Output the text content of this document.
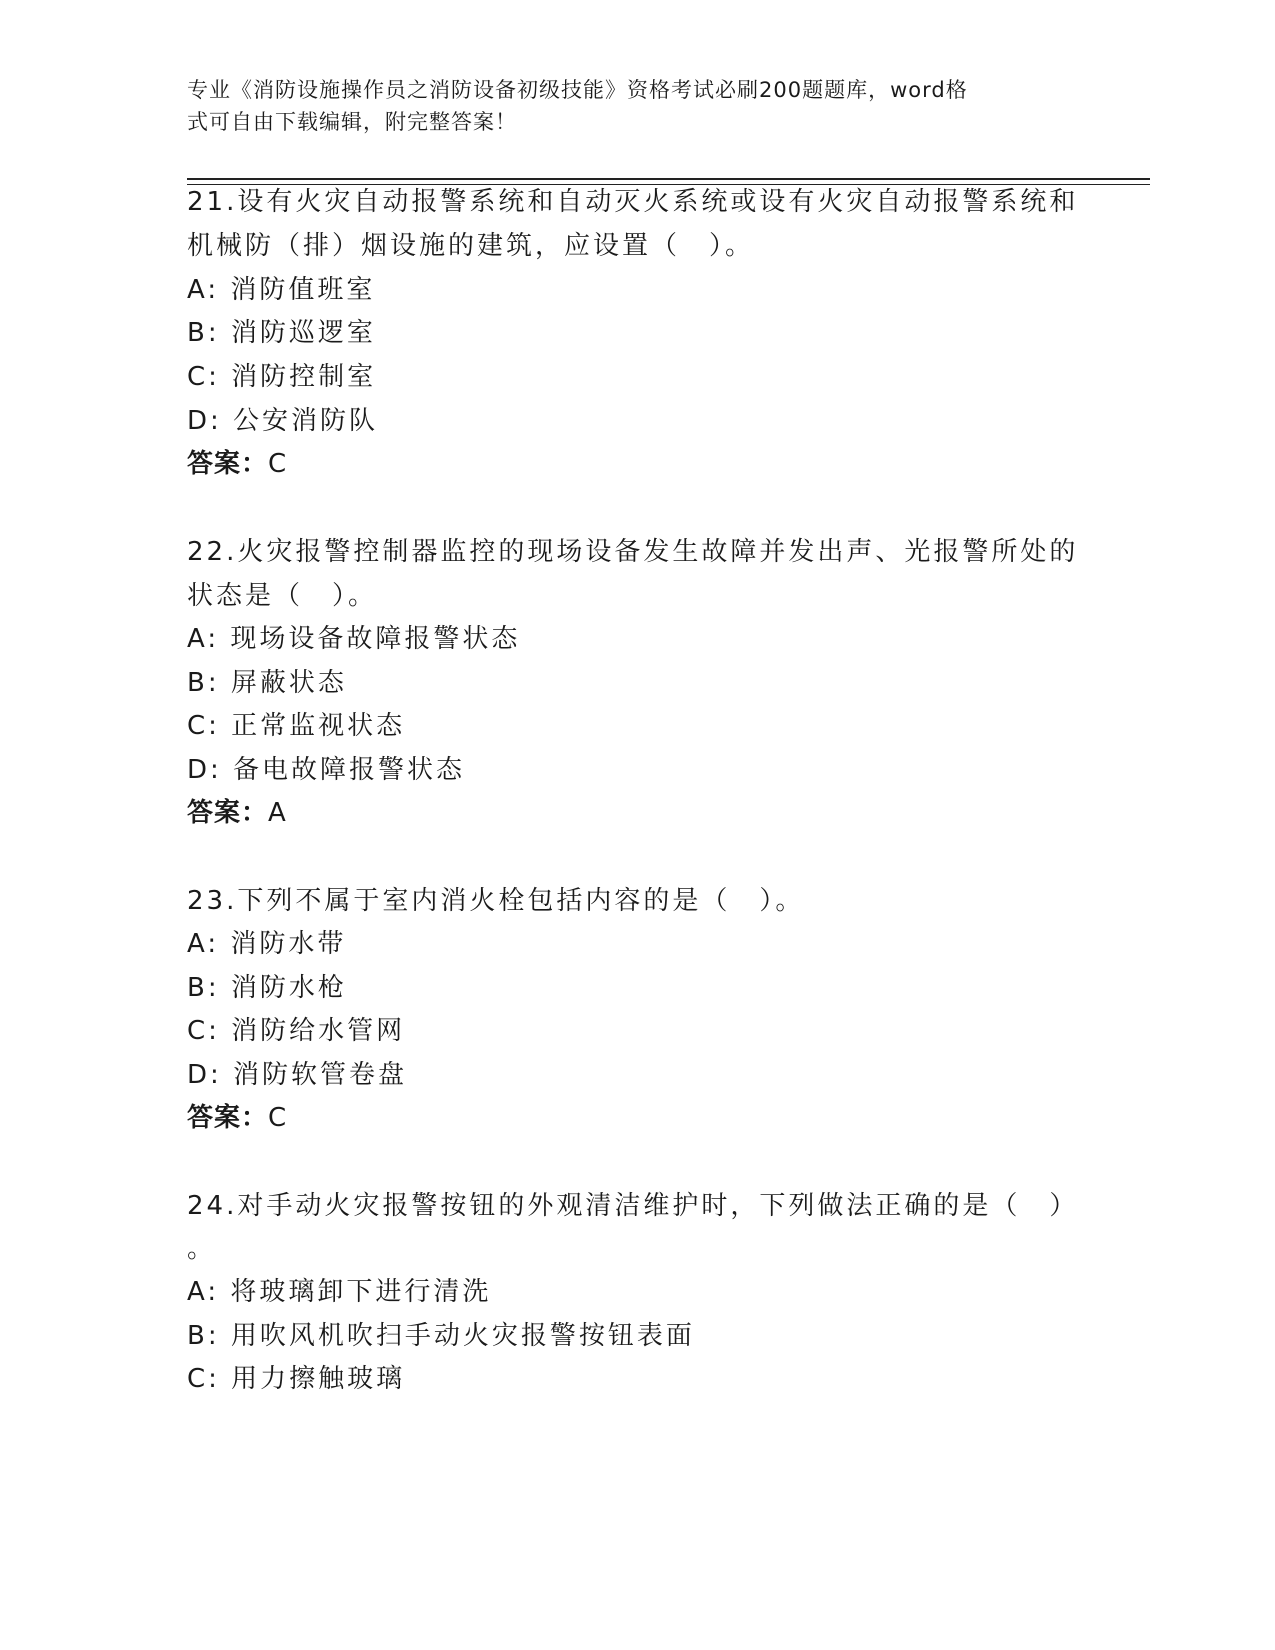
专业《消防设施操作员之消防设备初级技能》资格考试必刷200题题库，word格
式可自由下载编辑，附完整答案！
21.设有火灾自动报警系统和自动灭火系统或设有火灾自动报警系统和
机械防（排）烟设施的建筑，应设置（　）。
A: 消防值班室
B: 消防巡逻室
C: 消防控制室
D: 公安消防队
答案：C
22.火灾报警控制器监控的现场设备发生故障并发出声、光报警所处的
状态是（　）。
A: 现场设备故障报警状态
B: 屏蔽状态
C: 正常监视状态
D: 备电故障报警状态
答案：A
23.下列不属于室内消火栓包括内容的是（　）。
A: 消防水带
B: 消防水枪
C: 消防给水管网
D: 消防软管卷盘
答案：C
24.对手动火灾报警按钮的外观清洁维护时，下列做法正确的是（　）
。
A: 将玻璃卸下进行清洗
B: 用吹风机吹扫手动火灾报警按钮表面
C: 用力擦触玻璃
